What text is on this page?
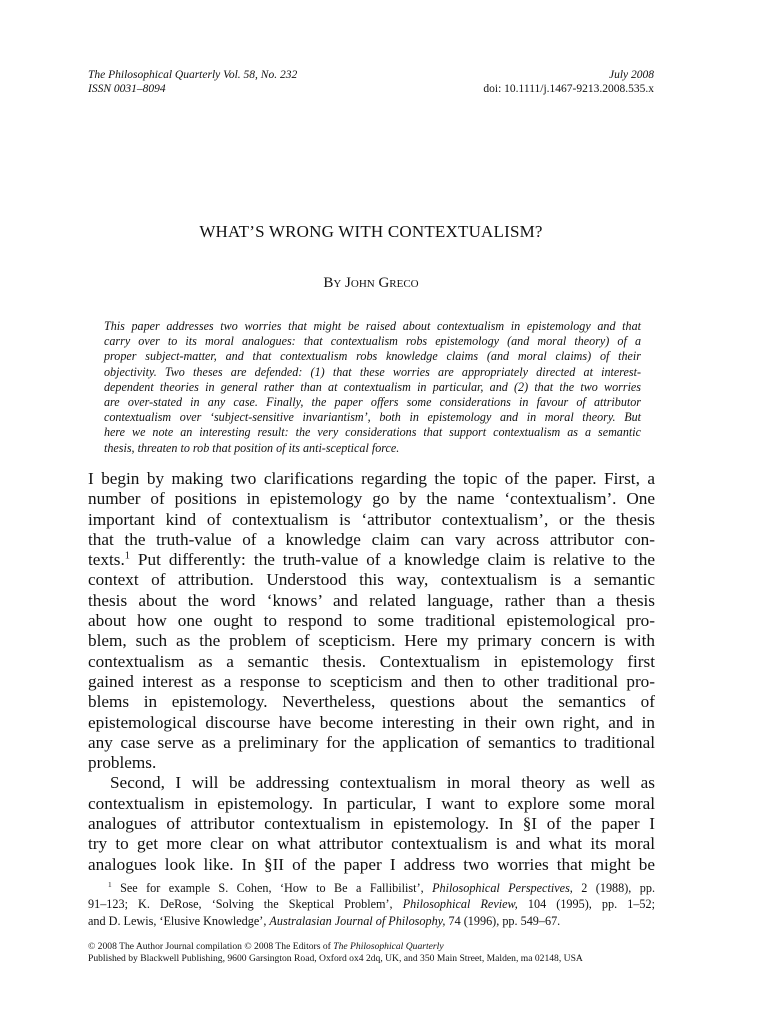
The Philosophical Quarterly Vol. 58, No. 232	July 2008
ISSN 0031–8094	doi: 10.1111/j.1467-9213.2008.535.x
WHAT’S WRONG WITH CONTEXTUALISM?
By John Greco
This paper addresses two worries that might be raised about contextualism in epistemology and that
carry over to its moral analogues: that contextualism robs epistemology (and moral theory) of a
proper subject-matter, and that contextualism robs knowledge claims (and moral claims) of their
objectivity. Two theses are defended: (1) that these worries are appropriately directed at interest-
dependent theories in general rather than at contextualism in particular, and (2) that the two worries
are over-stated in any case. Finally, the paper offers some considerations in favour of attributor
contextualism over ‘subject-sensitive invariantism’, both in epistemology and in moral theory. But
here we note an interesting result: the very considerations that support contextualism as a semantic
thesis, threaten to rob that position of its anti-sceptical force.
I begin by making two clarifications regarding the topic of the paper. First, a
number of positions in epistemology go by the name ‘contextualism’. One
important kind of contextualism is ‘attributor contextualism’, or the thesis
that the truth-value of a knowledge claim can vary across attributor con-
texts.$^1$ Put differently: the truth-value of a knowledge claim is relative to the
context of attribution. Understood this way, contextualism is a semantic
thesis about the word ‘knows’ and related language, rather than a thesis
about how one ought to respond to some traditional epistemological pro-
blem, such as the problem of scepticism. Here my primary concern is with
contextualism as a semantic thesis. Contextualism in epistemology first
gained interest as a response to scepticism and then to other traditional pro-
blems in epistemology. Nevertheless, questions about the semantics of
epistemological discourse have become interesting in their own right, and in
any case serve as a preliminary for the application of semantics to traditional
problems.
Second, I will be addressing contextualism in moral theory as well as
contextualism in epistemology. In particular, I want to explore some moral
analogues of attributor contextualism in epistemology. In §I of the paper I
try to get more clear on what attributor contextualism is and what its moral
analogues look like. In §II of the paper I address two worries that might be
$^1$ See for example S. Cohen, ‘How to Be a Fallibilist’, Philosophical Perspectives, 2 (1988), pp.
91–123; K. DeRose, ‘Solving the Skeptical Problem’, Philosophical Review, 104 (1995), pp. 1–52;
and D. Lewis, ‘Elusive Knowledge’, Australasian Journal of Philosophy, 74 (1996), pp. 549–67.
© 2008 The Author Journal compilation © 2008 The Editors of The Philosophical Quarterly
Published by Blackwell Publishing, 9600 Garsington Road, Oxford ox4 2dq, UK, and 350 Main Street, Malden, ma 02148, USA
